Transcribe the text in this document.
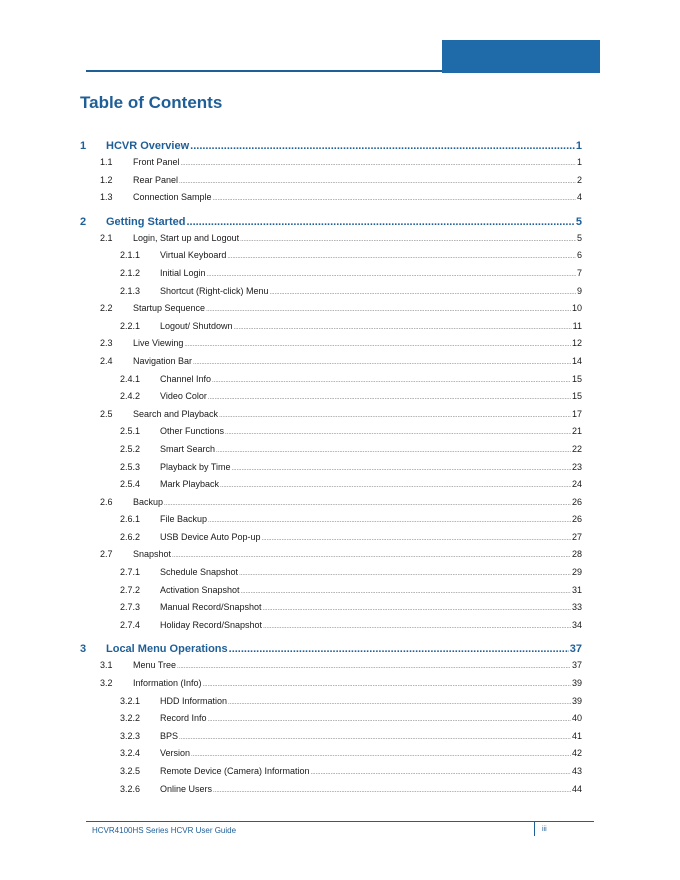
Table of Contents
1	HCVR Overview .....	1
1.1	Front Panel .....	1
1.2	Rear Panel .....	2
1.3	Connection Sample .....	4
2	Getting Started .....	5
2.1	Login, Start up and Logout .....	5
2.1.1	Virtual Keyboard .....	6
2.1.2	Initial Login .....	7
2.1.3	Shortcut (Right-click) Menu .....	9
2.2	Startup Sequence .....	10
2.2.1	Logout/ Shutdown .....	11
2.3	Live Viewing .....	12
2.4	Navigation Bar .....	14
2.4.1	Channel Info .....	15
2.4.2	Video Color .....	15
2.5	Search and Playback .....	17
2.5.1	Other Functions .....	21
2.5.2	Smart Search .....	22
2.5.3	Playback by Time .....	23
2.5.4	Mark Playback .....	24
2.6	Backup .....	26
2.6.1	File Backup .....	26
2.6.2	USB Device Auto Pop-up .....	27
2.7	Snapshot .....	28
2.7.1	Schedule Snapshot .....	29
2.7.2	Activation Snapshot .....	31
2.7.3	Manual Record/Snapshot .....	33
2.7.4	Holiday Record/Snapshot .....	34
3	Local Menu Operations .....	37
3.1	Menu Tree .....	37
3.2	Information (Info) .....	39
3.2.1	HDD Information .....	39
3.2.2	Record Info .....	40
3.2.3	BPS .....	41
3.2.4	Version .....	42
3.2.5	Remote Device (Camera) Information .....	43
3.2.6	Online Users .....	44
HCVR4100HS Series HCVR User Guide	iii
